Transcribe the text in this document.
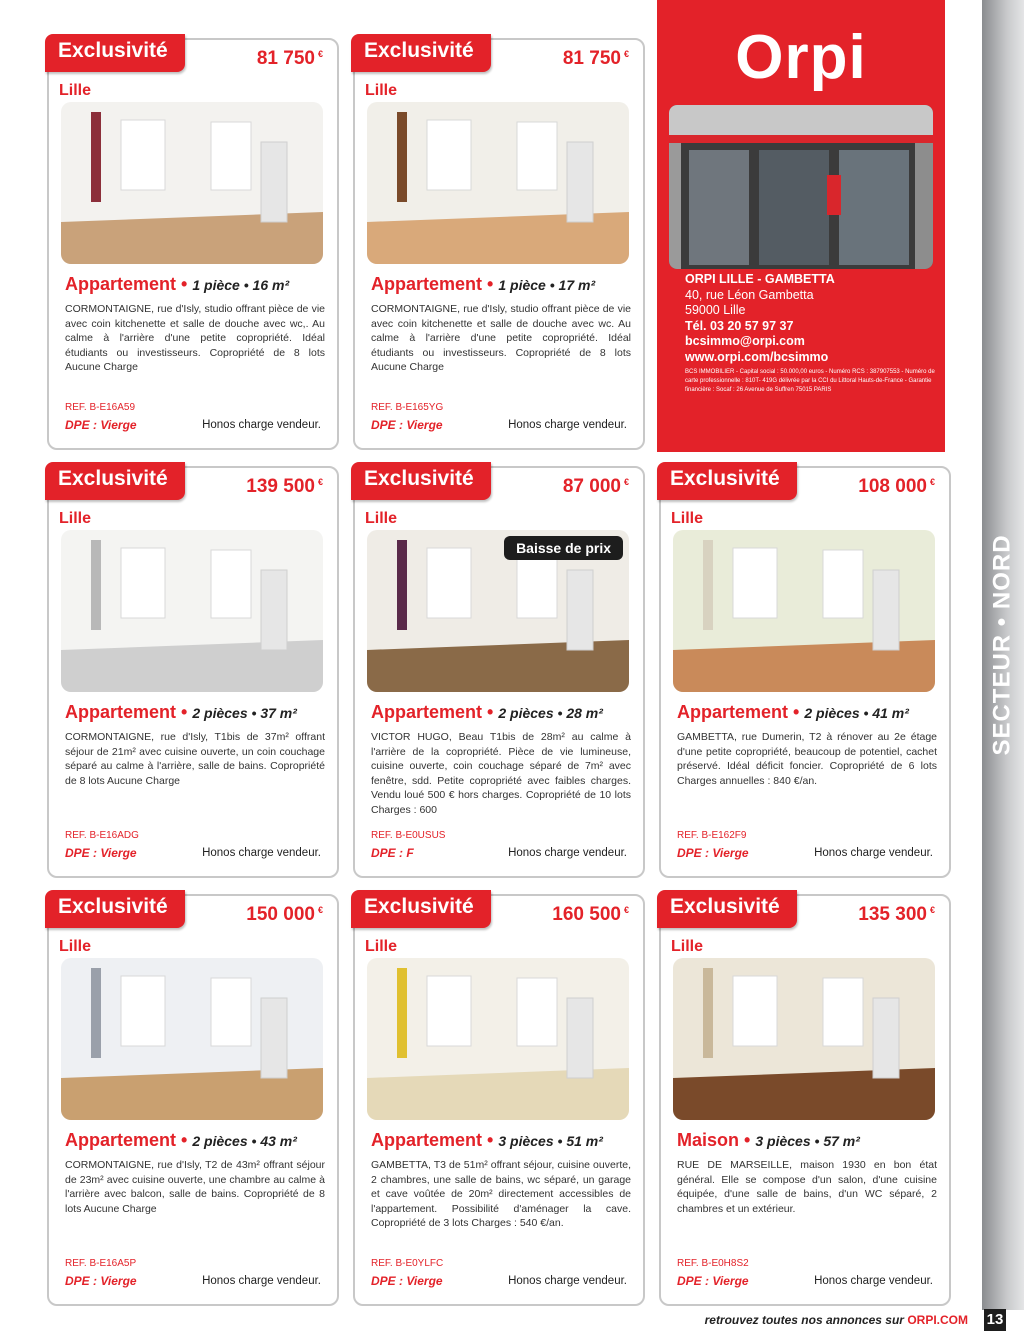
SECTEUR • NORD
Orpi
ORPI LILLE - GAMBETTA
40, rue Léon Gambetta
59000 Lille
Tél. 03 20 57 97 37
bcsimmo@orpi.com
www.orpi.com/bcsimmo
BCS IMMOBILIER - Capital social : 50.000,00 euros - Numéro RCS : 387907553 - Numéro de carte professionnelle : 810T- 419G délivrée par la CCI du Littoral Hauts-de-France - Garantie financière : Socaf : 26 Avenue de Suffren 75015 PARIS
Exclusivité	81 750 €
Lille
Appartement • 1 pièce • 16 m²
CORMONTAIGNE, rue d'Isly, studio offrant pièce de vie avec coin kitchenette et salle de douche avec wc,. Au calme à l'arrière d'une petite copropriété. Idéal étudiants ou investisseurs. Copropriété de 8 lots Aucune Charge
REF. B-E16A59
DPE : Vierge	Honos charge vendeur.
Exclusivité	81 750 €
Lille
Appartement • 1 pièce • 17 m²
CORMONTAIGNE, rue d'Isly, studio offrant pièce de vie avec coin kitchenette et salle de douche avec wc. Au calme à l'arrière d'une petite copropriété. Idéal étudiants ou investisseurs. Copropriété de 8 lots Aucune Charge
REF. B-E165YG
DPE : Vierge	Honos charge vendeur.
Exclusivité	139 500 €
Lille
Appartement • 2 pièces • 37 m²
CORMONTAIGNE, rue d'Isly, T1bis de 37m² offrant séjour de 21m² avec cuisine ouverte, un coin couchage séparé au calme à l'arrière, salle de bains. Copropriété de 8 lots Aucune Charge
REF. B-E16ADG
DPE : Vierge	Honos charge vendeur.
Exclusivité	87 000 €
Lille
Baisse de prix
Appartement • 2 pièces • 28 m²
VICTOR HUGO, Beau T1bis de 28m² au calme à l'arrière de la copropriété. Pièce de vie lumineuse, cuisine ouverte, coin couchage séparé de 7m² avec fenêtre, sdd. Petite copropriété avec faibles charges. Vendu loué 500 € hors charges. Copropriété de 10 lots Charges : 600
REF. B-E0USUS
DPE : F	Honos charge vendeur.
Exclusivité	108 000 €
Lille
Appartement • 2 pièces • 41 m²
GAMBETTA, rue Dumerin, T2 à rénover au 2e étage d'une petite copropriété, beaucoup de potentiel, cachet préservé. Idéal déficit foncier. Copropriété de 6 lots Charges annuelles : 840 €/an.
REF. B-E162F9
DPE : Vierge	Honos charge vendeur.
Exclusivité	150 000 €
Lille
Appartement • 2 pièces • 43 m²
CORMONTAIGNE, rue d'Isly, T2 de 43m² offrant séjour de 23m² avec cuisine ouverte, une chambre au calme à l'arrière avec balcon, salle de bains. Copropriété de 8 lots Aucune Charge
REF. B-E16A5P
DPE : Vierge	Honos charge vendeur.
Exclusivité	160 500 €
Lille
Appartement • 3 pièces • 51 m²
GAMBETTA, T3 de 51m² offrant séjour, cuisine ouverte, 2 chambres, une salle de bains, wc séparé, un garage et cave voûtée de 20m² directement accessibles de l'appartement. Possibilité d'aménager la cave. Copropriété de 3 lots Charges : 540 €/an.
REF. B-E0YLFC
DPE : Vierge	Honos charge vendeur.
Exclusivité	135 300 €
Lille
Maison • 3 pièces • 57 m²
RUE DE MARSEILLE, maison 1930 en bon état général. Elle se compose d'un salon, d'une cuisine équipée, d'une salle de bains, d'un WC séparé, 2 chambres et un extérieur.
REF. B-E0H8S2
DPE : Vierge	Honos charge vendeur.
retrouvez toutes nos annonces sur ORPI.COM 13
